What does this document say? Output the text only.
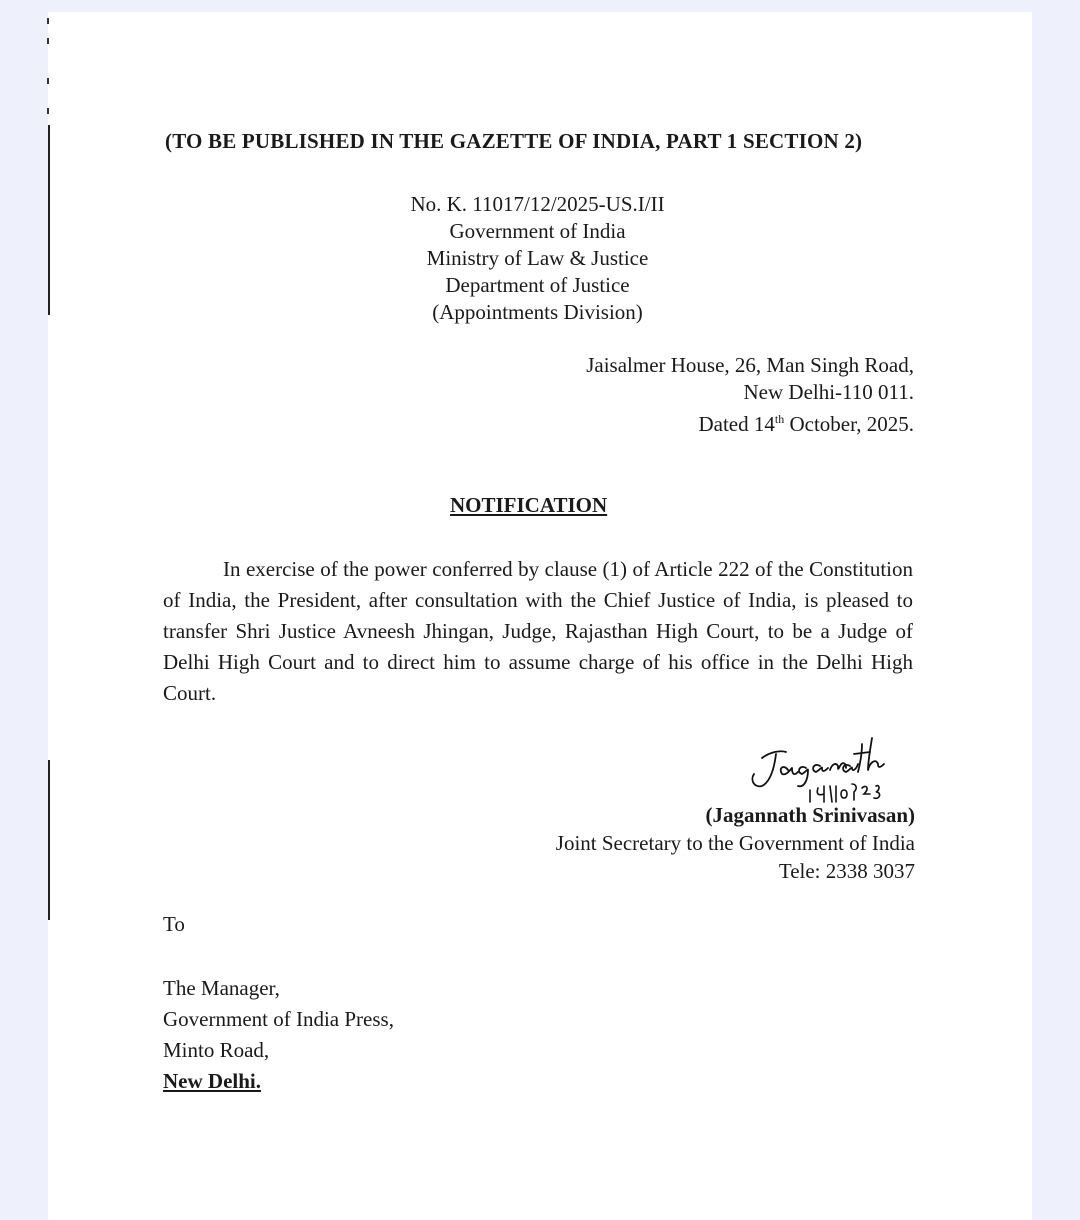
(TO BE PUBLISHED IN THE GAZETTE OF INDIA, PART 1 SECTION 2)

No. K. 11017/12/2025-US.I/II
Government of India
Ministry of Law & Justice
Department of Justice
(Appointments Division)
Jaisalmer House, 26, Man Singh Road,
New Delhi-110 011.
Dated 14th October, 2025.

NOTIFICATION

In exercise of the power conferred by clause (1) of Article 222 of the Constitution of India, the President, after consultation with the Chief Justice of India, is pleased to transfer Shri Justice Avneesh Jhingan, Judge, Rajasthan High Court, to be a Judge of Delhi High Court and to direct him to assume charge of his office in the Delhi High Court.

(Jagannath Srinivasan)
Joint Secretary to the Government of India
Tele: 2338 3037

To

The Manager,
Government of India Press,
Minto Road,
New Delhi.
